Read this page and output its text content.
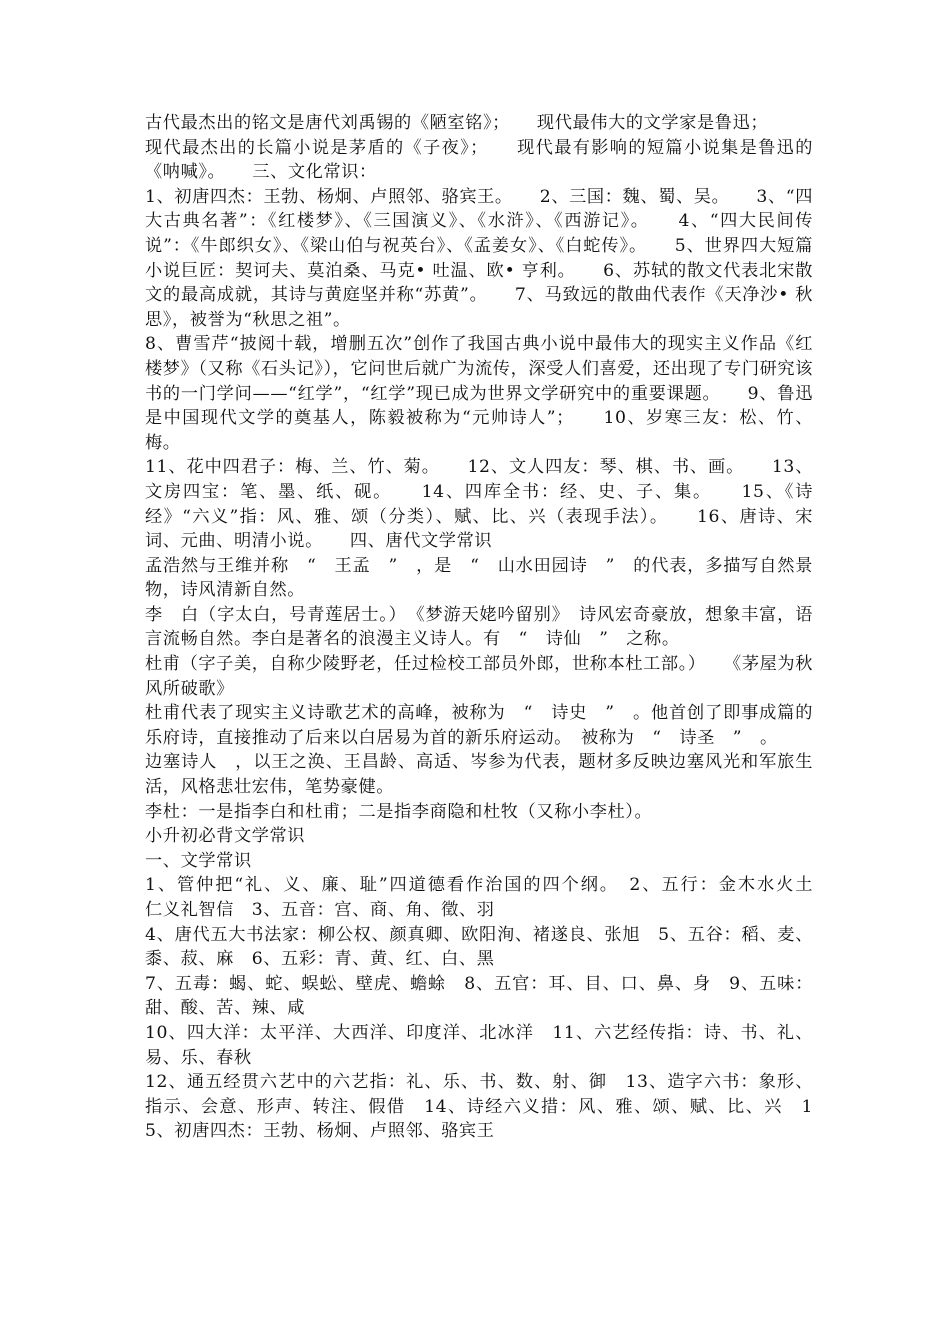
古代最杰出的铭文是唐代刘禹锡的《陋室铭》；　　现代最伟大的文学家是鲁迅；

现代最杰出的长篇小说是茅盾的《子夜》；　　现代最有影响的短篇小说集是鲁迅的《呐喊》。　　三、文化常识：

1、初唐四杰：王勃、杨炯、卢照邻、骆宾王。　　2、三国：魏、蜀、吴。　　3、“四大古典名著”：《红楼梦》、《三国演义》、《水浒》、《西游记》。　　4、“四大民间传说”：《牛郎织女》、《梁山伯与祝英台》、《孟姜女》、《白蛇传》。　　5、世界四大短篇小说巨匠：契诃夫、莫泊桑、马克• 吐温、欧• 亨利。　　6、苏轼的散文代表北宋散文的最高成就，其诗与黄庭坚并称“苏黄”。　　7、马致远的散曲代表作《天净沙• 秋思》，被誉为“秋思之祖”。

8、曹雪芹“披阅十载，增删五次”创作了我国古典小说中最伟大的现实主义作品《红楼梦》（又称《石头记》），它问世后就广为流传，深受人们喜爱，还出现了专门研究该书的一门学问——“红学”，“红学”现已成为世界文学研究中的重要课题。　　9、鲁迅是中国现代文学的奠基人，陈毅被称为“元帅诗人”；　　10、岁寒三友：松、竹、梅。

11、花中四君子：梅、兰、竹、菊。　　12、文人四友：琴、棋、书、画。　　13、文房四宝：笔、墨、纸、砚。　　14、四库全书：经、史、子、集。　　15、《诗经》“六义”指：风、雅、颂（分类）、赋、比、兴（表现手法）。　　16、唐诗、宋词、元曲、明清小说。　　四、唐代文学常识

孟浩然与王维并称　“　王孟　”　，是　“　山水田园诗　”　的代表，多描写自然景物，诗风清新自然。

李　白（字太白，号青莲居士。）　《梦游天姥吟留别》　诗风宏奇豪放，想象丰富，语言流畅自然。李白是著名的浪漫主义诗人。有　“　诗仙　”　之称。

杜甫（字子美，自称少陵野老，任过检校工部员外郎，世称本杜工部。）　　《茅屋为秋风所破歌》

杜甫代表了现实主义诗歌艺术的高峰，被称为　“　诗史　”　。他首创了即事成篇的乐府诗，直接推动了后来以白居易为首的新乐府运动。　被称为　“　诗圣　”　。

边塞诗人　，以王之涣、王昌龄、高适、岑参为代表，题材多反映边塞风光和军旅生活，风格悲壮宏伟，笔势豪健。

李杜：一是指李白和杜甫；二是指李商隐和杜牧（又称小李杜）。

小升初必背文学常识

一、文学常识

1、管仲把“礼、义、廉、耻”四道德看作治国的四个纲。　2、五行：金木水火土　　　　　　仁义礼智信　3、五音：宫、商、角、徵、羽

4、唐代五大书法家：柳公权、颜真卿、欧阳洵、褚遂良、张旭　5、五谷：稻、麦、黍、菽、麻　6、五彩：青、黄、红、白、黑

7、五毒：蝎、蛇、蜈蚣、壁虎、蟾蜍　8、五官：耳、目、口、鼻、身　9、五味：甜、酸、苦、辣、咸

10、四大洋：太平洋、大西洋、印度洋、北冰洋　11、六艺经传指：诗、书、礼、易、乐、春秋

12、通五经贯六艺中的六艺指：礼、乐、书、数、射、御　13、造字六书：象形、指示、会意、形声、转注、假借　14、诗经六义措：风、雅、颂、赋、比、兴　15、初唐四杰：王勃、杨炯、卢照邻、骆宾王
